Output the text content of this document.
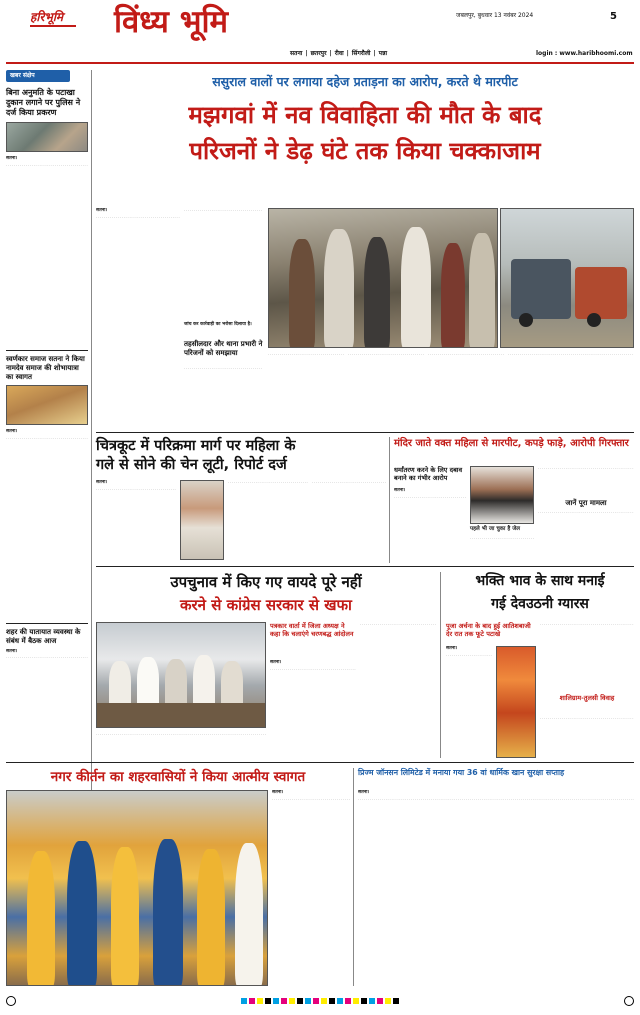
हरिभूमि विंध्य भूमि	5
जबलपुर, बुधवार 13 नवंबर 2024
login : www.haribhoomi.com
सतना | छतरपुर | रीवा | सिंगरौली | पन्ना
खबर संक्षेप
बिना अनुमति के पटाखा दुकान लगाने पर पुलिस ने दर्ज किया प्रकरण
सतना। .....
स्वर्णकार समाज सतना ने किया नामदेव समाज की शोभायात्रा का स्वागत
सतना। .....
शहर की यातायात व्यवस्था के संबंध में बैठक आज
सतना। .....
ससुराल वालों पर लगाया दहेज प्रताड़ना का आरोप, करते थे मारपीट
मझगवां में नव विवाहिता की मौत के बाद
परिजनों ने डेढ़ घंटे तक किया चक्काजाम
सतना। .....
.....
जांच कर कार्रवाही का भरोसा दिलाया है।
तहसीलदार और थाना प्रभारी ने परिजनों को समझाया
.....
.....
.....
.....
.....
चित्रकूट में परिक्रमा मार्ग पर महिला के
गले से सोने की चेन लूटी, रिपोर्ट दर्ज
सतना। .....
.....
.....
मंदिर जाते वक्त महिला से मारपीट, कपड़े फाड़े, आरोपी गिरफ्तार
धर्मांतरण करने के लिए दबाव बनाने का गंभीर आरोप
सतना। .....
पहले भी जा चुका है जेल
.....
.....
जानें पूरा मामला
.....
उपचुनाव में किए गए वायदे पूरे नहीं
करने से कांग्रेस सरकार से खफा
पत्रकार वार्ता में जिला अध्यक्ष ने कहा कि चलाएंगे चरणबद्ध आंदोलन
सतना। .....
.....
.....
भक्ति भाव के साथ मनाई
गई देवउठनी ग्यारस
पूजा अर्चना के बाद हुई आतिशबाजी देर रात तक फूटे पटाखे
सतना। .....
.....
शालिग्राम-तुलसी विवाह
.....
नगर कीर्तन का शहरवासियों ने किया आत्मीय स्वागत
सतना। .....
प्रिज्म जॉनसन लिमिटेड में मनाया गया 36 वां धार्मिक खान सुरक्षा सप्ताह
सतना। .....
